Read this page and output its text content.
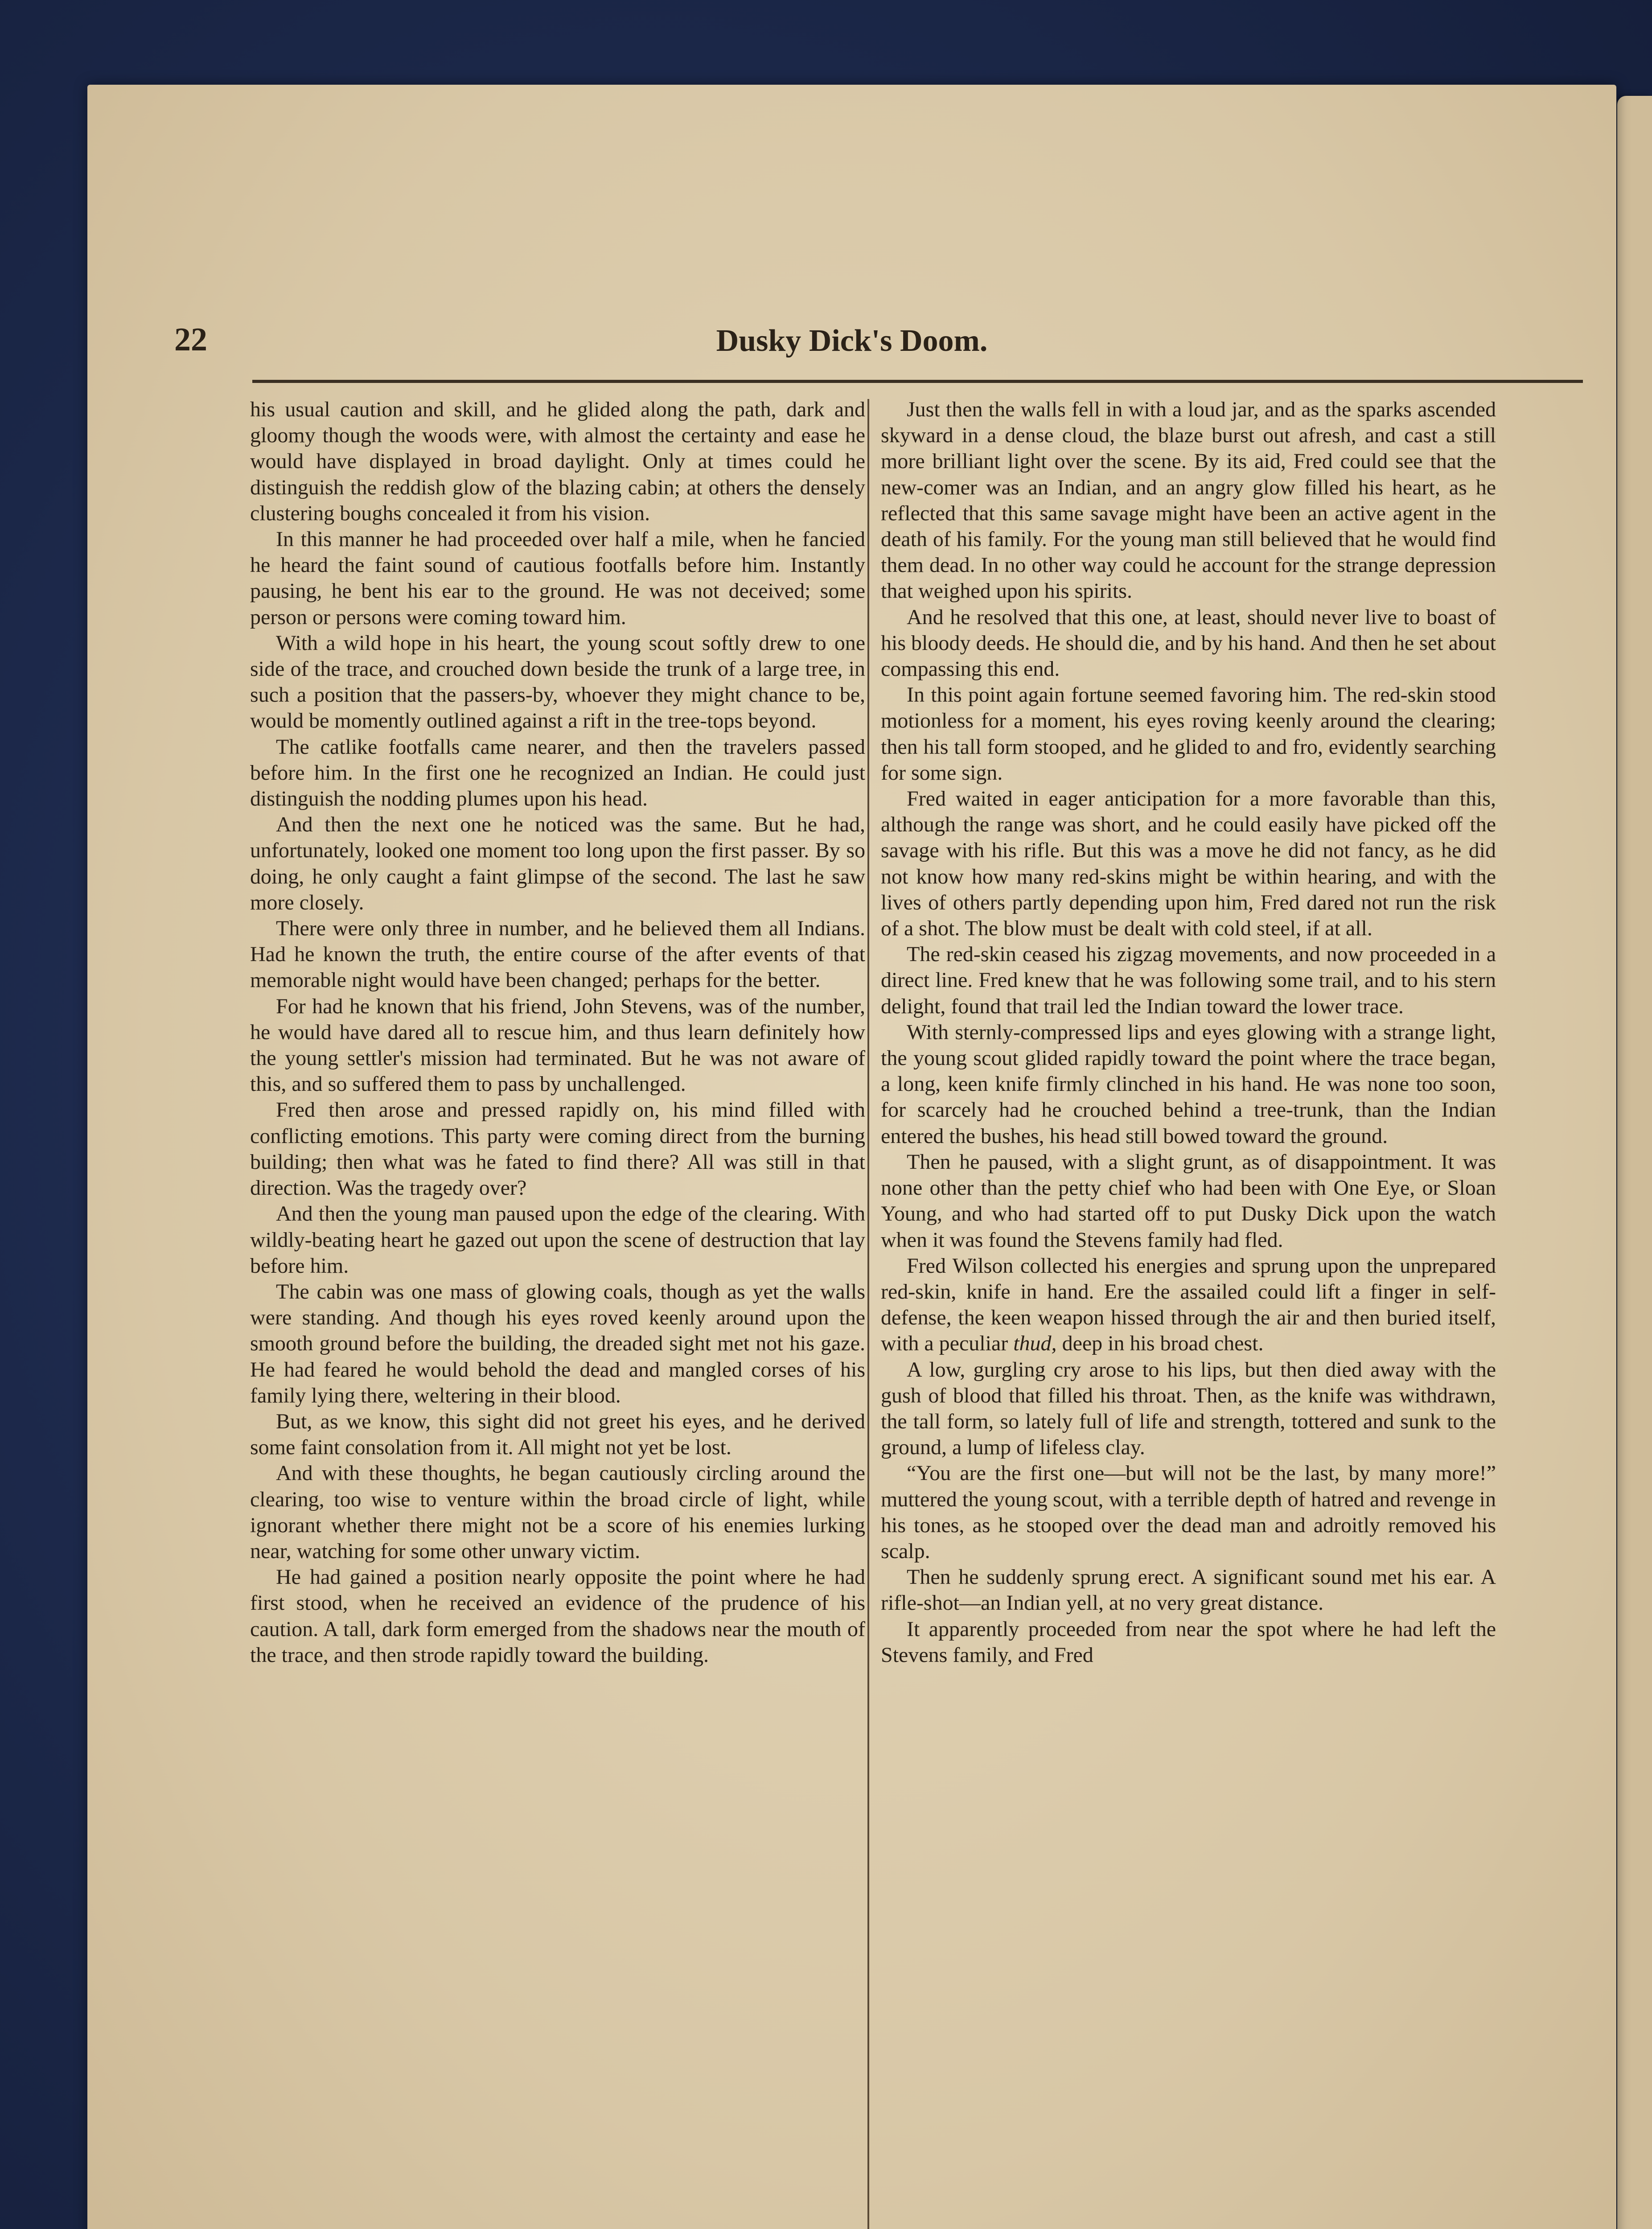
22	Dusky Dick's Doom.

his usual caution and skill, and he glided along the path, dark and gloomy though the woods were, with almost the certainty and ease he would have displayed in broad daylight. Only at times could he distinguish the reddish glow of the blazing cabin; at others the densely clustering boughs concealed it from his vision.

In this manner he had proceeded over half a mile, when he fancied he heard the faint sound of cautious footfalls before him. Instantly pausing, he bent his ear to the ground. He was not deceived; some person or persons were coming toward him.

With a wild hope in his heart, the young scout softly drew to one side of the trace, and crouched down beside the trunk of a large tree, in such a position that the passers-by, whoever they might chance to be, would be momently outlined against a rift in the tree-tops beyond.

The catlike footfalls came nearer, and then the travelers passed before him. In the first one he recognized an Indian. He could just distinguish the nodding plumes upon his head.

And then the next one he noticed was the same. But he had, unfortunately, looked one moment too long upon the first passer. By so doing, he only caught a faint glimpse of the second. The last he saw more closely.

There were only three in number, and he believed them all Indians. Had he known the truth, the entire course of the after events of that memorable night would have been changed; perhaps for the better.

For had he known that his friend, John Stevens, was of the number, he would have dared all to rescue him, and thus learn definitely how the young settler's mission had terminated. But he was not aware of this, and so suffered them to pass by unchallenged.

Fred then arose and pressed rapidly on, his mind filled with conflicting emotions. This party were coming direct from the burning building; then what was he fated to find there? All was still in that direction. Was the tragedy over?

And then the young man paused upon the edge of the clearing. With wildly-beating heart he gazed out upon the scene of destruction that lay before him.

The cabin was one mass of glowing coals, though as yet the walls were standing. And though his eyes roved keenly around upon the smooth ground before the building, the dreaded sight met not his gaze. He had feared he would behold the dead and mangled corses of his family lying there, weltering in their blood.

But, as we know, this sight did not greet his eyes, and he derived some faint consolation from it. All might not yet be lost.

And with these thoughts, he began cautiously circling around the clearing, too wise to venture within the broad circle of light, while ignorant whether there might not be a score of his enemies lurking near, watching for some other unwary victim.

He had gained a position nearly opposite the point where he had first stood, when he received an evidence of the prudence of his caution. A tall, dark form emerged from the shadows near the mouth of the trace, and then strode rapidly toward the building.

Just then the walls fell in with a loud jar, and as the sparks ascended skyward in a dense cloud, the blaze burst out afresh, and cast a still more brilliant light over the scene. By its aid, Fred could see that the new-comer was an Indian, and an angry glow filled his heart, as he reflected that this same savage might have been an active agent in the death of his family. For the young man still believed that he would find them dead. In no other way could he account for the strange depression that weighed upon his spirits.

And he resolved that this one, at least, should never live to boast of his bloody deeds. He should die, and by his hand. And then he set about compassing this end.

In this point again fortune seemed favoring him. The red-skin stood motionless for a moment, his eyes roving keenly around the clearing; then his tall form stooped, and he glided to and fro, evidently searching for some sign.

Fred waited in eager anticipation for a more favorable than this, although the range was short, and he could easily have picked off the savage with his rifle. But this was a move he did not fancy, as he did not know how many red-skins might be within hearing, and with the lives of others partly depending upon him, Fred dared not run the risk of a shot. The blow must be dealt with cold steel, if at all.

The red-skin ceased his zigzag movements, and now proceeded in a direct line. Fred knew that he was following some trail, and to his stern delight, found that trail led the Indian toward the lower trace.

With sternly-compressed lips and eyes glowing with a strange light, the young scout glided rapidly toward the point where the trace began, a long, keen knife firmly clinched in his hand. He was none too soon, for scarcely had he crouched behind a tree-trunk, than the Indian entered the bushes, his head still bowed toward the ground.

Then he paused, with a slight grunt, as of disappointment. It was none other than the petty chief who had been with One Eye, or Sloan Young, and who had started off to put Dusky Dick upon the watch when it was found the Stevens family had fled.

Fred Wilson collected his energies and sprung upon the unprepared red-skin, knife in hand. Ere the assailed could lift a finger in self-defense, the keen weapon hissed through the air and then buried itself, with a peculiar thud, deep in his broad chest.

A low, gurgling cry arose to his lips, but then died away with the gush of blood that filled his throat. Then, as the knife was withdrawn, the tall form, so lately full of life and strength, tottered and sunk to the ground, a lump of lifeless clay.

“You are the first one—but will not be the last, by many more!” muttered the young scout, with a terrible depth of hatred and revenge in his tones, as he stooped over the dead man and adroitly removed his scalp.

Then he suddenly sprung erect. A significant sound met his ear. A rifle-shot—an Indian yell, at no very great distance.

It apparently proceeded from near the spot where he had left the Stevens family, and Fred
